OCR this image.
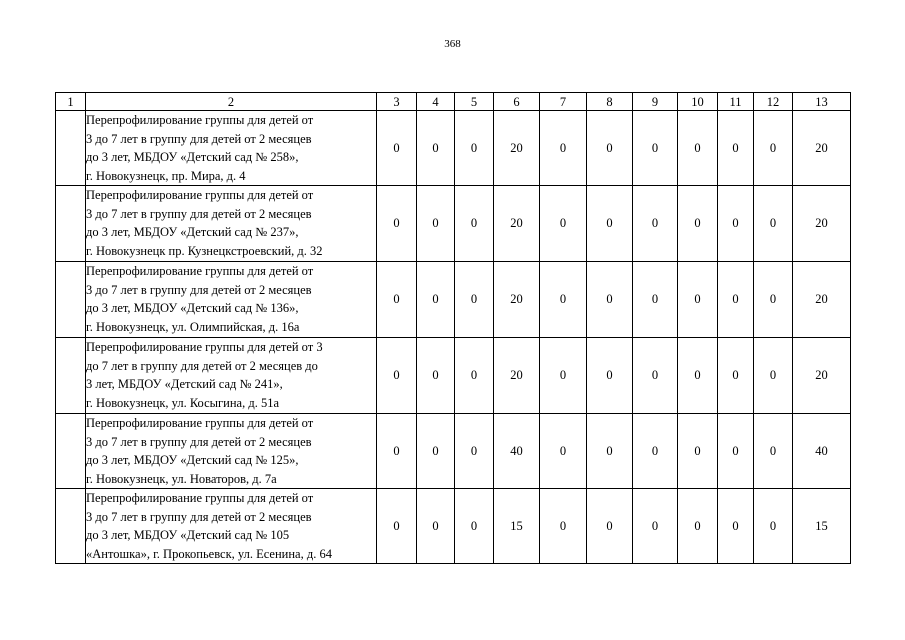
368
1	2	3	4	5	6	7	8	9	10	11	12	13

	Перепрофилирование группы для детей от
3 до 7 лет в группу для детей от 2 месяцев
до 3 лет, МБДОУ «Детский сад № 258»,
г. Новокузнецк, пр. Мира, д. 4	0	0	0	20	0	0	0	0	0	0	20

	Перепрофилирование группы для детей от
3 до 7 лет в группу для детей от 2 месяцев
до 3 лет, МБДОУ «Детский сад № 237»,
г. Новокузнецк пр. Кузнецкстроевский, д. 32	0	0	0	20	0	0	0	0	0	0	20

	Перепрофилирование группы для детей от
3 до 7 лет в группу для детей от 2 месяцев
до 3 лет, МБДОУ «Детский сад № 136»,
г. Новокузнецк, ул. Олимпийская, д. 16а	0	0	0	20	0	0	0	0	0	0	20

	Перепрофилирование группы для детей от 3
до 7 лет в группу для детей от 2 месяцев до
3 лет, МБДОУ «Детский сад № 241»,
г. Новокузнецк, ул. Косыгина, д. 51а	0	0	0	20	0	0	0	0	0	0	20

	Перепрофилирование группы для детей от
3 до 7 лет в группу для детей от 2 месяцев
до 3 лет, МБДОУ «Детский сад № 125»,
г. Новокузнецк, ул. Новаторов, д. 7а	0	0	0	40	0	0	0	0	0	0	40

	Перепрофилирование группы для детей от
3 до 7 лет в группу для детей от 2 месяцев
до 3 лет, МБДОУ «Детский сад № 105
«Антошка», г. Прокопьевск, ул. Есенина, д. 64	0	0	0	15	0	0	0	0	0	0	15
